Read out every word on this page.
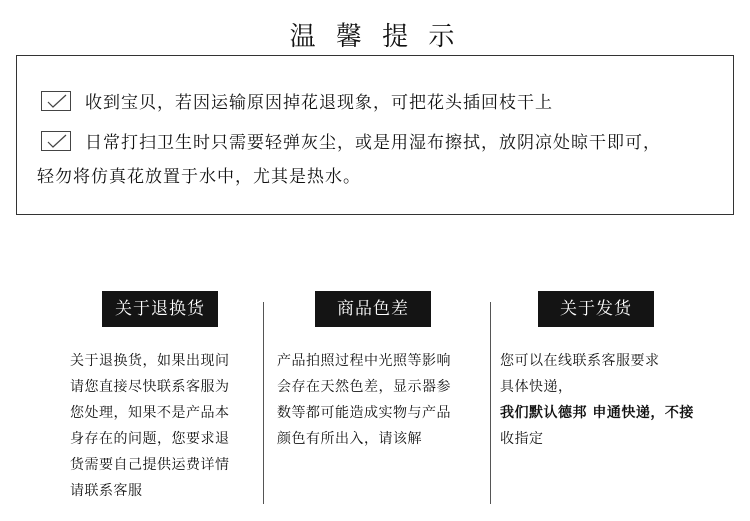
温 馨 提 示
收到宝贝，若因运输原因掉花退现象，可把花头插回枝干上
日常打扫卫生时只需要轻弹灰尘，或是用湿布擦拭，放阴凉处晾干即可，
轻勿将仿真花放置于水中，尤其是热水。
关于退换货	商品色差	关于发货
关于退换货，如果出现问
请您直接尽快联系客服为
您处理，知果不是产品本
身存在的问题，您要求退
货需要自己提供运费详情
请联系客服
产品拍照过程中光照等影响
会存在天然色差，显示器参
数等都可能造成实物与产品
颜色有所出入，请该解
您可以在线联系客服要求
具体快递，
我们默认德邦 申通快递，不接
收指定
